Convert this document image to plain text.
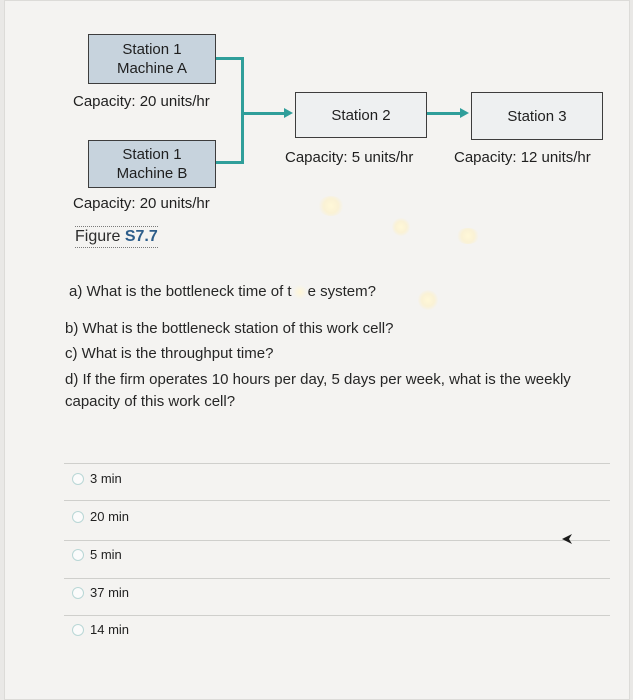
Station 1
Machine A
Capacity: 20 units/hr
Station 1
Machine B
Capacity: 20 units/hr
Station 2
Capacity: 5 units/hr
Station 3
Capacity: 12 units/hr
Figure S7.7
a) What is the bottleneck time of t e system?
b) What is the bottleneck station of this work cell?
c) What is the throughput time?
d) If the firm operates 10 hours per day, 5 days per week, what is the weekly capacity of this work cell?
3 min
20 min
5 min
37 min
14 min
